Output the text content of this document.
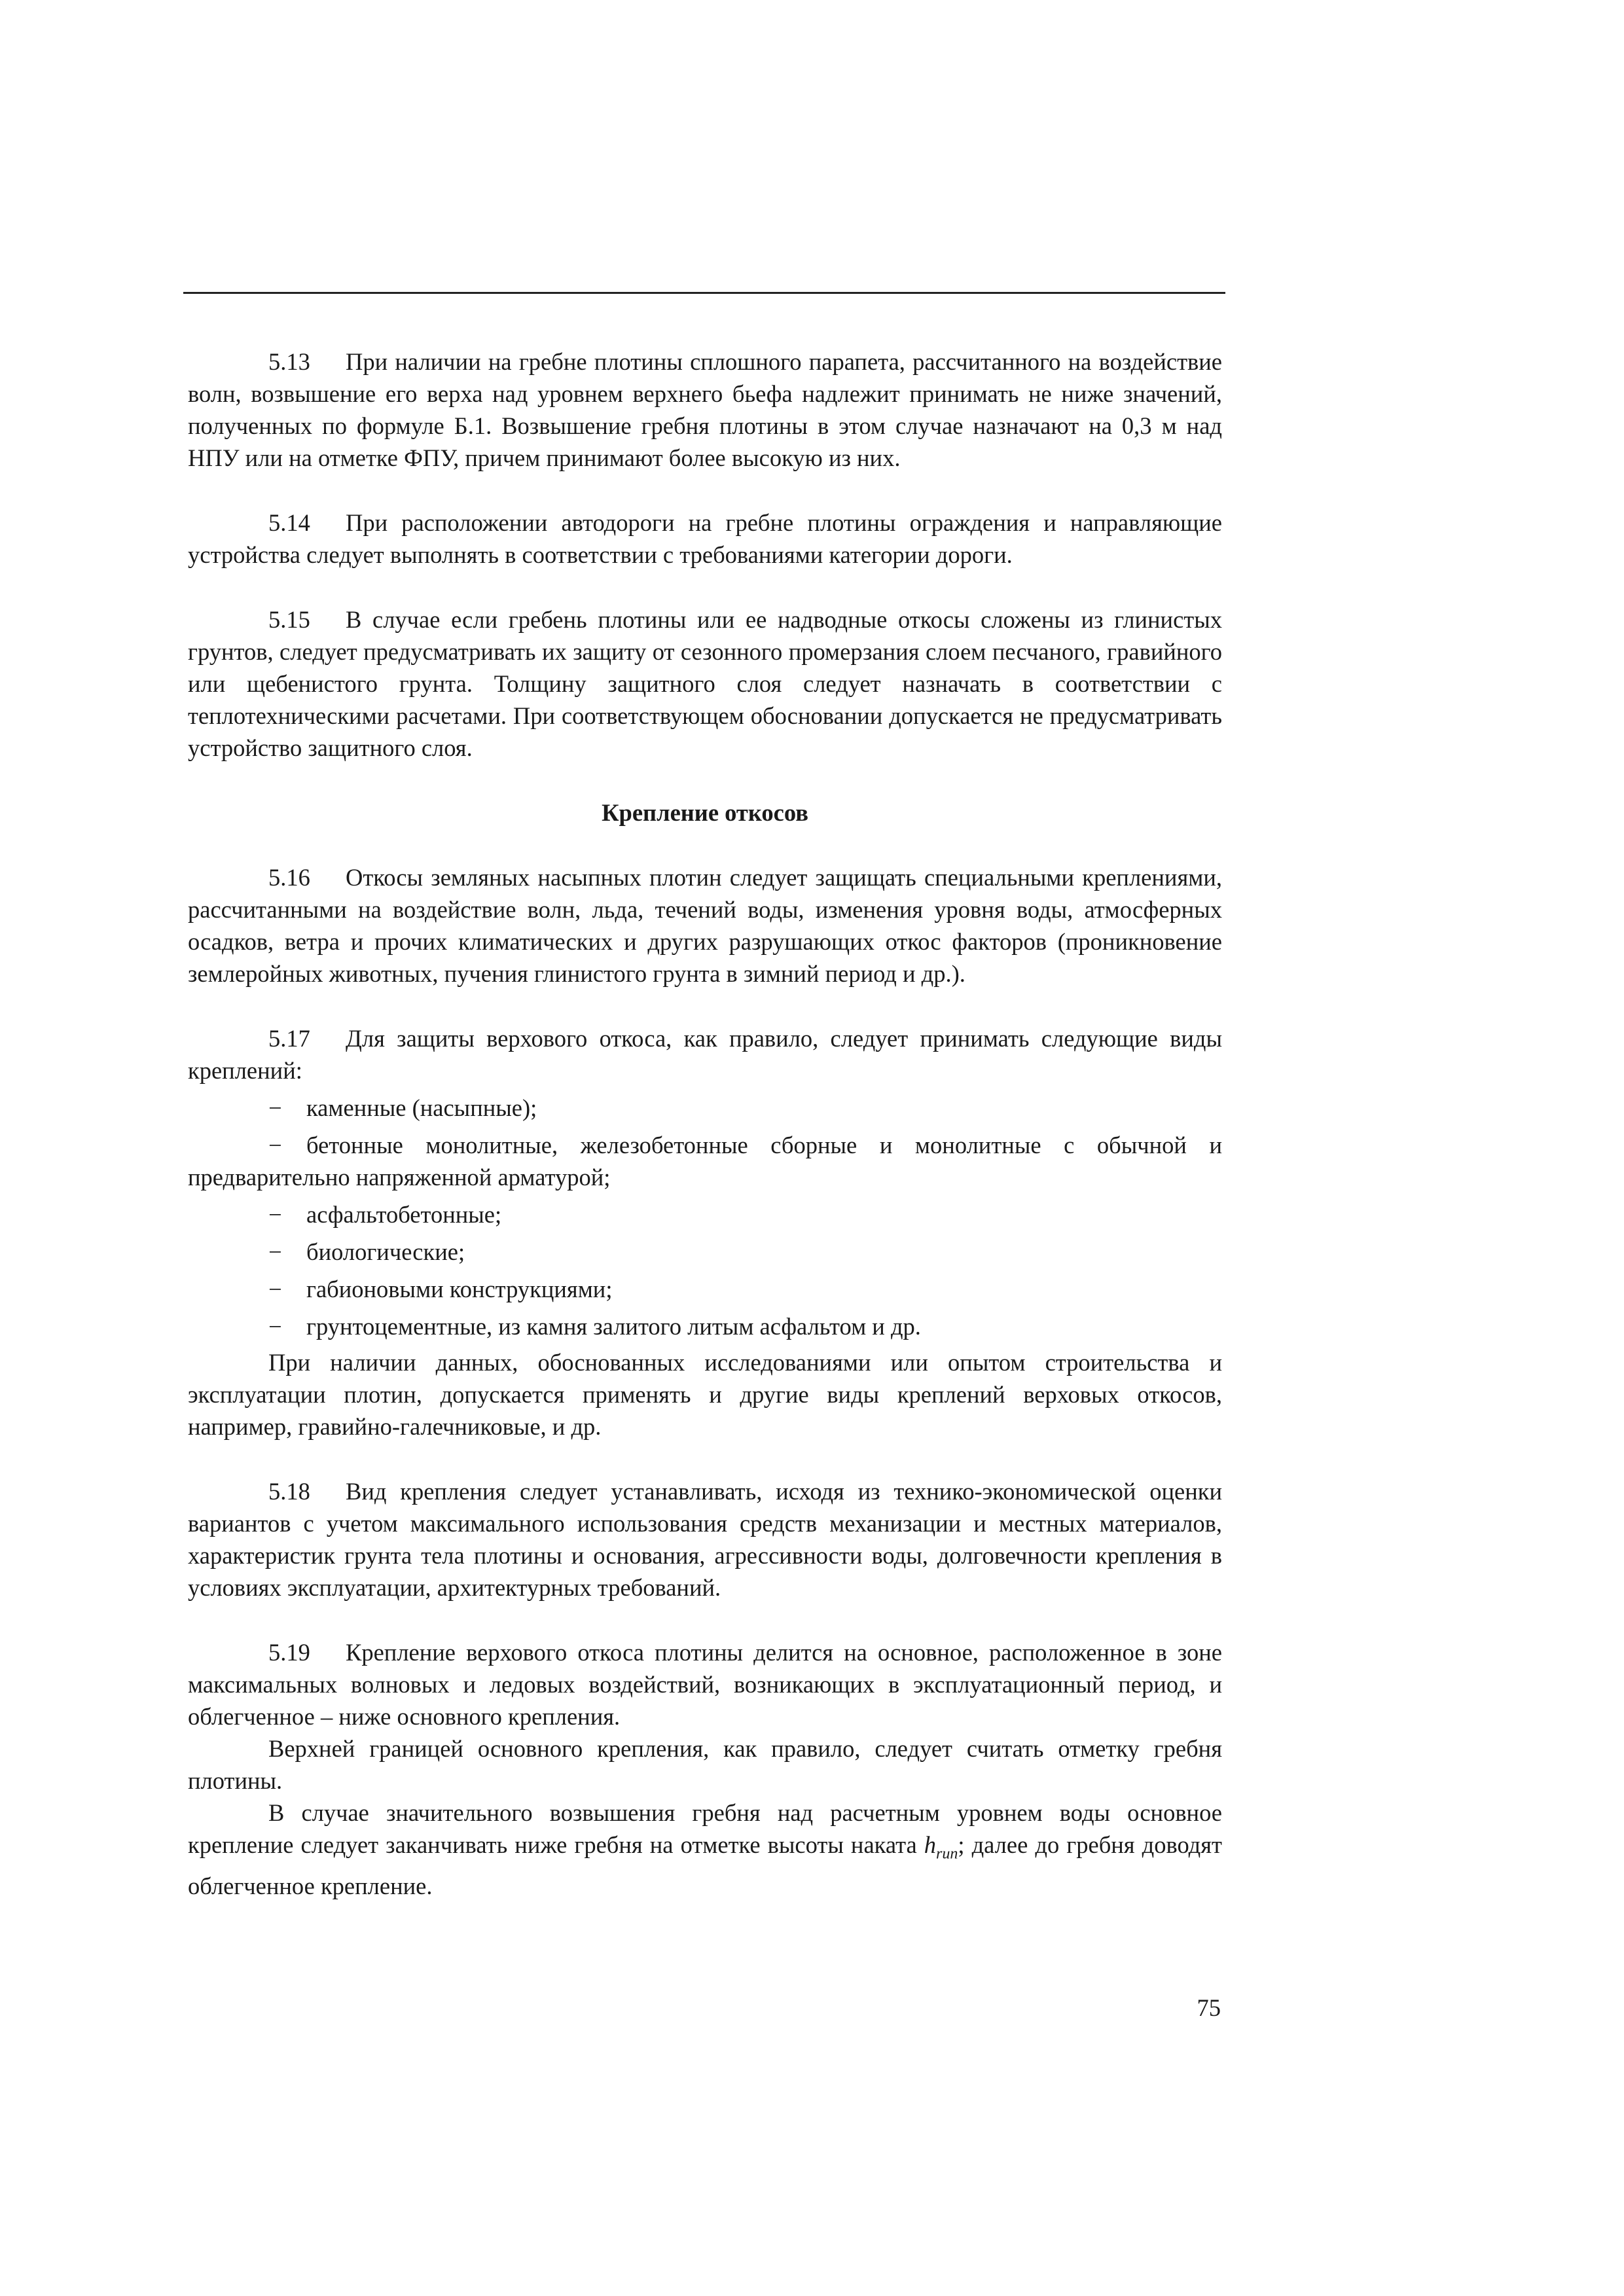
5.13 При наличии на гребне плотины сплошного парапета, рассчитанного на воздействие волн, возвышение его верха над уровнем верхнего бьефа надлежит принимать не ниже значений, полученных по формуле Б.1. Возвышение гребня плотины в этом случае назначают на 0,3 м над НПУ или на отметке ФПУ, причем принимают более высокую из них.

5.14 При расположении автодороги на гребне плотины ограждения и направляющие устройства следует выполнять в соответствии с требованиями категории дороги.

5.15 В случае если гребень плотины или ее надводные откосы сложены из глинистых грунтов, следует предусматривать их защиту от сезонного промерзания слоем песчаного, гравийного или щебенистого грунта. Толщину защитного слоя следует назначать в соответствии с теплотехническими расчетами. При соответствующем обосновании допускается не предусматривать устройство защитного слоя.

Крепление откосов

5.16 Откосы земляных насыпных плотин следует защищать специальными креплениями, рассчитанными на воздействие волн, льда, течений воды, изменения уровня воды, атмосферных осадков, ветра и прочих климатических и других разрушающих откос факторов (проникновение землеройных животных, пучения глинистого грунта в зимний период и др.).

5.17 Для защиты верхового откоса, как правило, следует принимать следующие виды креплений:

− каменные (насыпные);

− бетонные монолитные, железобетонные сборные и монолитные с обычной и предварительно напряженной арматурой;

− асфальтобетонные;

− биологические;

− габионовыми конструкциями;

− грунтоцементные, из камня залитого литым асфальтом и др.

При наличии данных, обоснованных исследованиями или опытом строительства и эксплуатации плотин, допускается применять и другие виды креплений верховых откосов, например, гравийно-галечниковые, и др.

5.18 Вид крепления следует устанавливать, исходя из технико-экономической оценки вариантов с учетом максимального использования средств механизации и местных материалов, характеристик грунта тела плотины и основания, агрессивности воды, долговечности крепления в условиях эксплуатации, архитектурных требований.

5.19 Крепление верхового откоса плотины делится на основное, расположенное в зоне максимальных волновых и ледовых воздействий, возникающих в эксплуатационный период, и облегченное – ниже основного крепления.

Верхней границей основного крепления, как правило, следует считать отметку гребня плотины.

В случае значительного возвышения гребня над расчетным уровнем воды основное крепление следует заканчивать ниже гребня на отметке высоты наката $h_{run}$; далее до гребня доводят облегченное крепление.

75
